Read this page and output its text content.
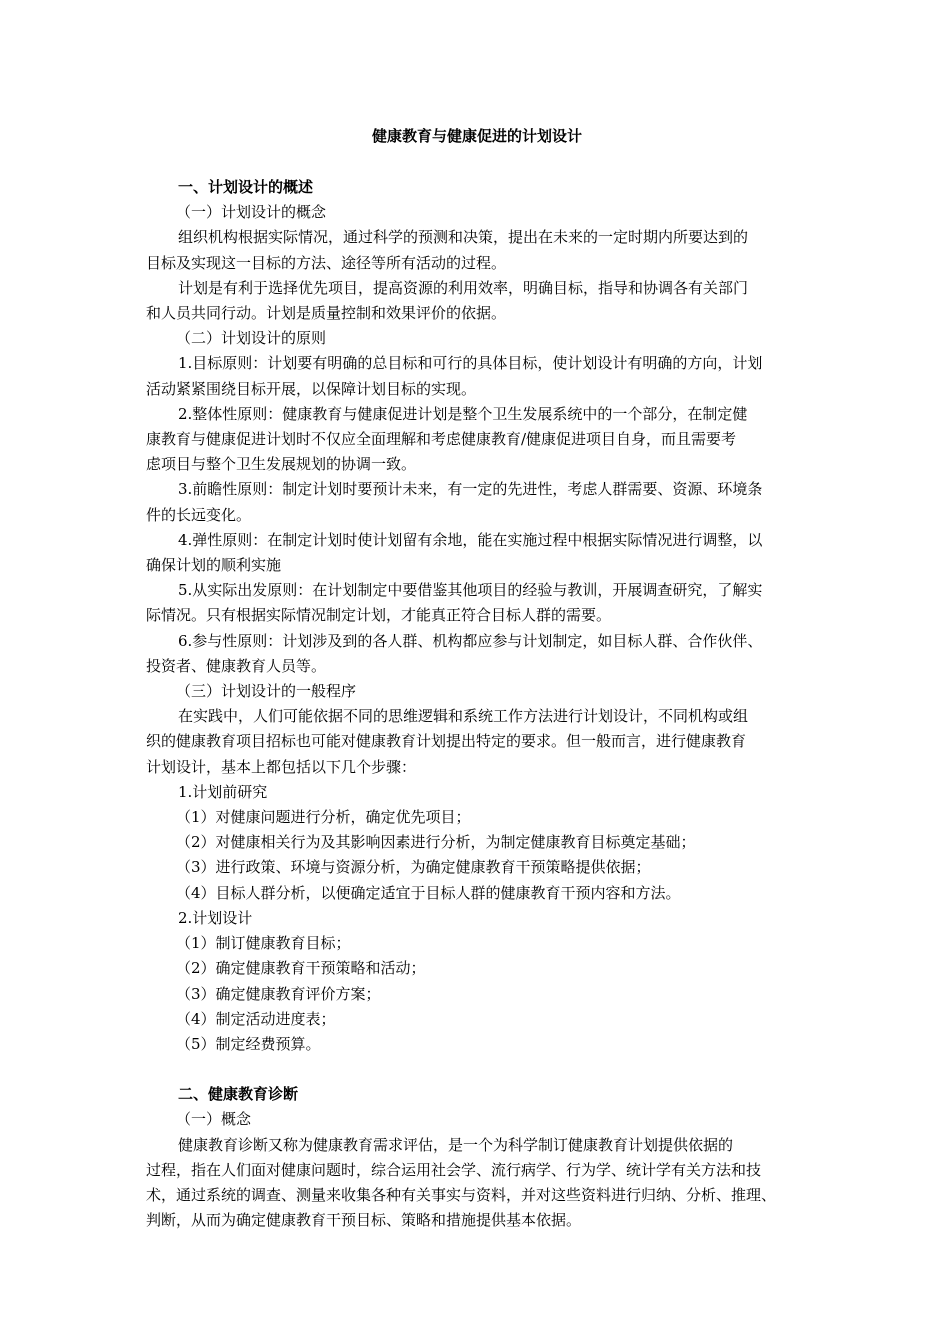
健康教育与健康促进的计划设计
一、计划设计的概述
（一）计划设计的概念
组织机构根据实际情况，通过科学的预测和决策，提出在未来的一定时期内所要达到的
目标及实现这一目标的方法、途径等所有活动的过程。
计划是有利于选择优先项目，提高资源的利用效率，明确目标，指导和协调各有关部门
和人员共同行动。计划是质量控制和效果评价的依据。
（二）计划设计的原则
1.目标原则：计划要有明确的总目标和可行的具体目标，使计划设计有明确的方向，计划
活动紧紧围绕目标开展，以保障计划目标的实现。
2.整体性原则：健康教育与健康促进计划是整个卫生发展系统中的一个部分，在制定健
康教育与健康促进计划时不仅应全面理解和考虑健康教育/健康促进项目自身，而且需要考
虑项目与整个卫生发展规划的协调一致。
3.前瞻性原则：制定计划时要预计未来，有一定的先进性，考虑人群需要、资源、环境条
件的长远变化。
4.弹性原则：在制定计划时使计划留有余地，能在实施过程中根据实际情况进行调整，以
确保计划的顺利实施
5.从实际出发原则：在计划制定中要借鉴其他项目的经验与教训，开展调查研究，了解实
际情况。只有根据实际情况制定计划，才能真正符合目标人群的需要。
6.参与性原则：计划涉及到的各人群、机构都应参与计划制定，如目标人群、合作伙伴、
投资者、健康教育人员等。
（三）计划设计的一般程序
在实践中，人们可能依据不同的思维逻辑和系统工作方法进行计划设计，不同机构或组
织的健康教育项目招标也可能对健康教育计划提出特定的要求。但一般而言，进行健康教育
计划设计，基本上都包括以下几个步骤：
1.计划前研究
（1）对健康问题进行分析，确定优先项目；
（2）对健康相关行为及其影响因素进行分析，为制定健康教育目标奠定基础；
（3）进行政策、环境与资源分析，为确定健康教育干预策略提供依据；
（4）目标人群分析，以便确定适宜于目标人群的健康教育干预内容和方法。
2.计划设计
（1）制订健康教育目标；
（2）确定健康教育干预策略和活动；
（3）确定健康教育评价方案；
（4）制定活动进度表；
（5）制定经费预算。
二、健康教育诊断
（一）概念
健康教育诊断又称为健康教育需求评估，是一个为科学制订健康教育计划提供依据的
过程，指在人们面对健康问题时，综合运用社会学、流行病学、行为学、统计学有关方法和技
术，通过系统的调查、测量来收集各种有关事实与资料，并对这些资料进行归纳、分析、推理、
判断，从而为确定健康教育干预目标、策略和措施提供基本依据。
